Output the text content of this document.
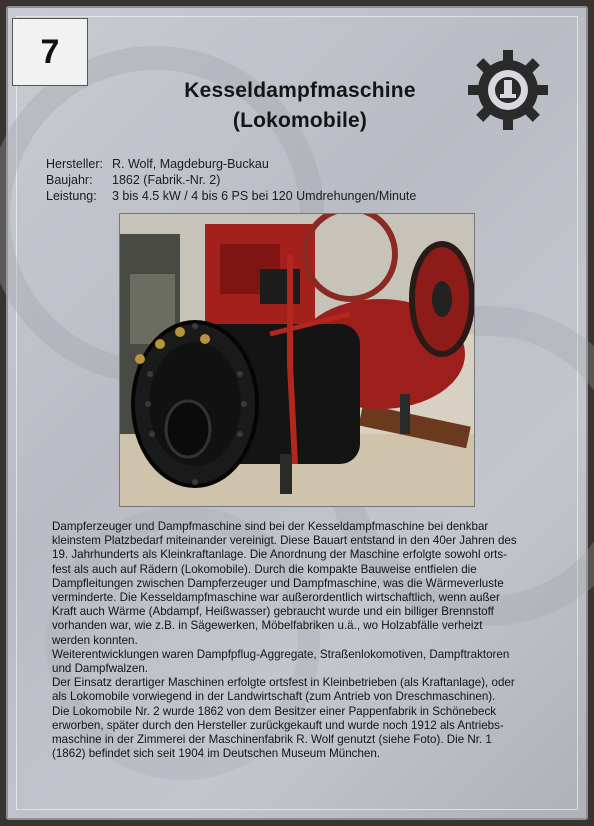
7
Kesseldampfmaschine
(Lokomobile)
Hersteller: R. Wolf, Magdeburg-Buckau
Baujahr:	1862 (Fabrik.-Nr. 2)
Leistung:	3 bis 4.5 kW / 4 bis 6 PS bei 120 Umdrehungen/Minute

Dampferzeuger und Dampfmaschine sind bei der Kesseldampfmaschine bei denkbar
kleinstem Platzbedarf miteinander vereinigt. Diese Bauart entstand in den 40er Jahren des
19. Jahrhunderts als Kleinkraftanlage. Die Anordnung der Maschine erfolgte sowohl orts-
fest als auch auf Rädern (Lokomobile). Durch die kompakte Bauweise entfielen die
Dampfleitungen zwischen Dampferzeuger und Dampfmaschine, was die Wärmeverluste
verminderte. Die Kesseldampfmaschine war außerordentlich wirtschaftlich, wenn außer
Kraft auch Wärme (Abdampf, Heißwasser) gebraucht wurde und ein billiger Brennstoff
vorhanden war, wie z.B. in Sägewerken, Möbelfabriken u.ä., wo Holzabfälle verheizt
werden konnten.

Weiterentwicklungen waren Dampfpflug-Aggregate, Straßenlokomotiven, Dampftraktoren
und Dampfwalzen.

Der Einsatz derartiger Maschinen erfolgte ortsfest in Kleinbetrieben (als Kraftanlage), oder
als Lokomobile vorwiegend in der Landwirtschaft (zum Antrieb von Dreschmaschinen).

Die Lokomobile Nr. 2 wurde 1862 von dem Besitzer einer Pappenfabrik in Schönebeck
erworben, später durch den Hersteller zurückgekauft und wurde noch 1912 als Antriebs-
maschine in der Zimmerei der Maschinenfabrik R. Wolf genutzt (siehe Foto). Die Nr. 1
(1862) befindet sich seit 1904 im Deutschen Museum München.
